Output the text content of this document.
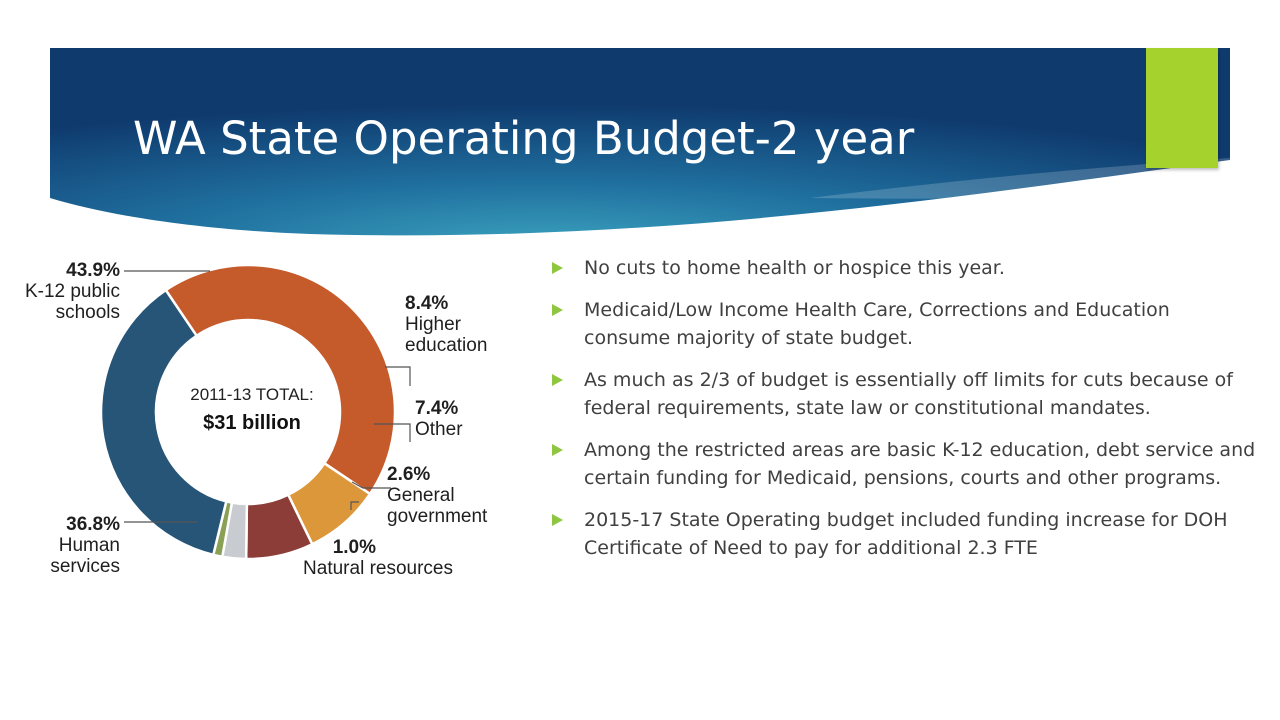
WA State Operating Budget-2 year
43.9%
K-12 public
schools	8.4%
Higher
education
7.4%
Other
2.6%
General
government
1.0%
Natural resources
36.8%
Human
services
2011-13 TOTAL:
$31 billion
No cuts to home health or hospice this year.
Medicaid/Low Income Health Care, Corrections and Education consume majority of state budget.
As much as 2/3 of budget is essentially off limits for cuts because of federal requirements, state law or constitutional mandates.
Among the restricted areas are basic K-12 education, debt service and certain funding for Medicaid, pensions, courts and other programs.
2015-17 State Operating budget included funding increase for DOH Certificate of Need to pay for additional 2.3 FTE
